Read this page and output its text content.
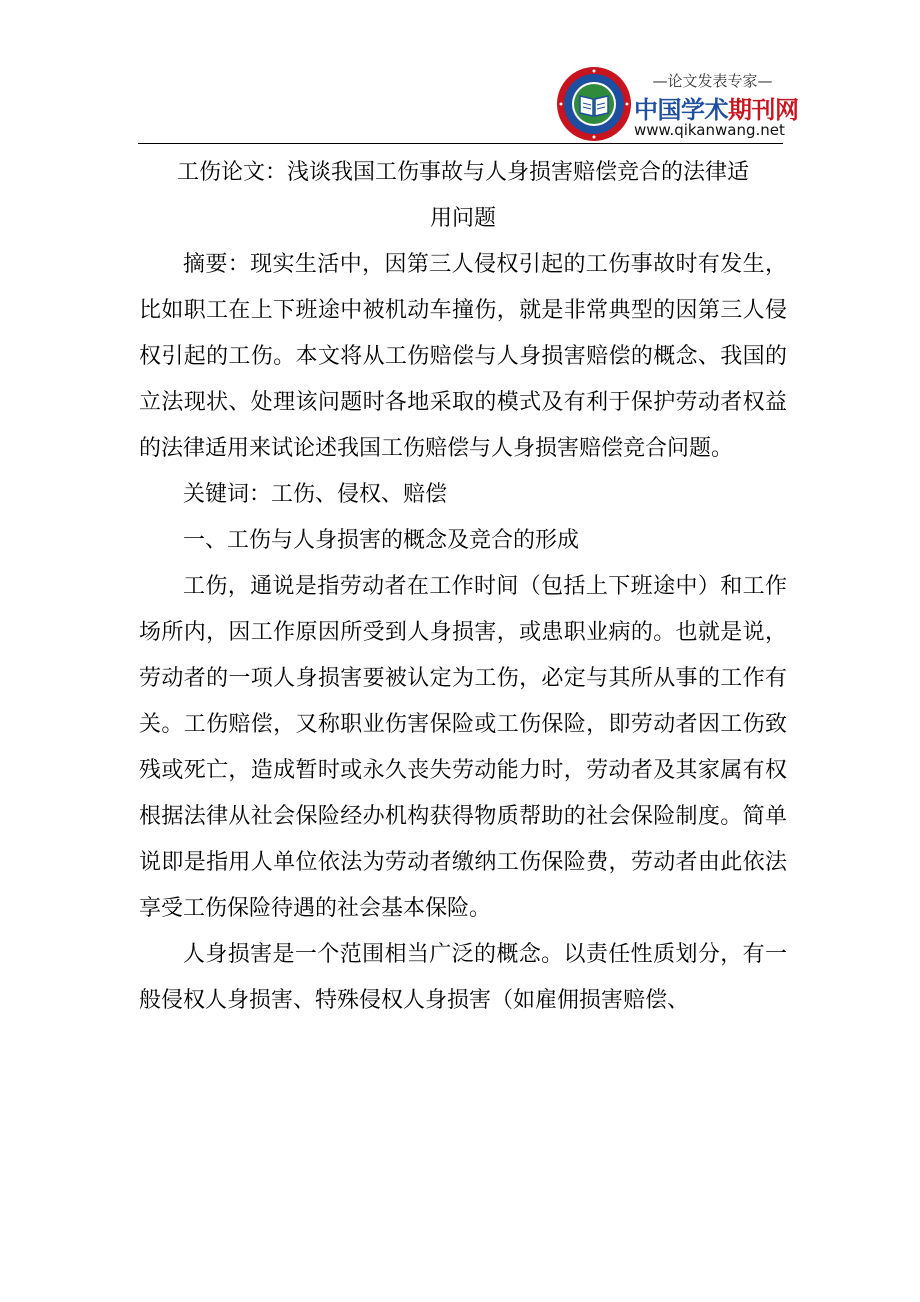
—论文发表专家—
中国学术期刊网
www.qikanwang.net
工伤论文：浅谈我国工伤事故与人身损害赔偿竞合的法律适
用问题

摘要：现实生活中，因第三人侵权引起的工伤事故时有发生，比如职工在上下班途中被机动车撞伤，就是非常典型的因第三人侵权引起的工伤。本文将从工伤赔偿与人身损害赔偿的概念、我国的立法现状、处理该问题时各地采取的模式及有利于保护劳动者权益的法律适用来试论述我国工伤赔偿与人身损害赔偿竞合问题。

关键词：工伤、侵权、赔偿

一、工伤与人身损害的概念及竞合的形成

工伤，通说是指劳动者在工作时间（包括上下班途中）和工作场所内，因工作原因所受到人身损害，或患职业病的。也就是说，劳动者的一项人身损害要被认定为工伤，必定与其所从事的工作有关。工伤赔偿，又称职业伤害保险或工伤保险，即劳动者因工伤致残或死亡，造成暂时或永久丧失劳动能力时，劳动者及其家属有权根据法律从社会保险经办机构获得物质帮助的社会保险制度。简单说即是指用人单位依法为劳动者缴纳工伤保险费，劳动者由此依法享受工伤保险待遇的社会基本保险。

人身损害是一个范围相当广泛的概念。以责任性质划分，有一般侵权人身损害、特殊侵权人身损害（如雇佣损害赔偿、
